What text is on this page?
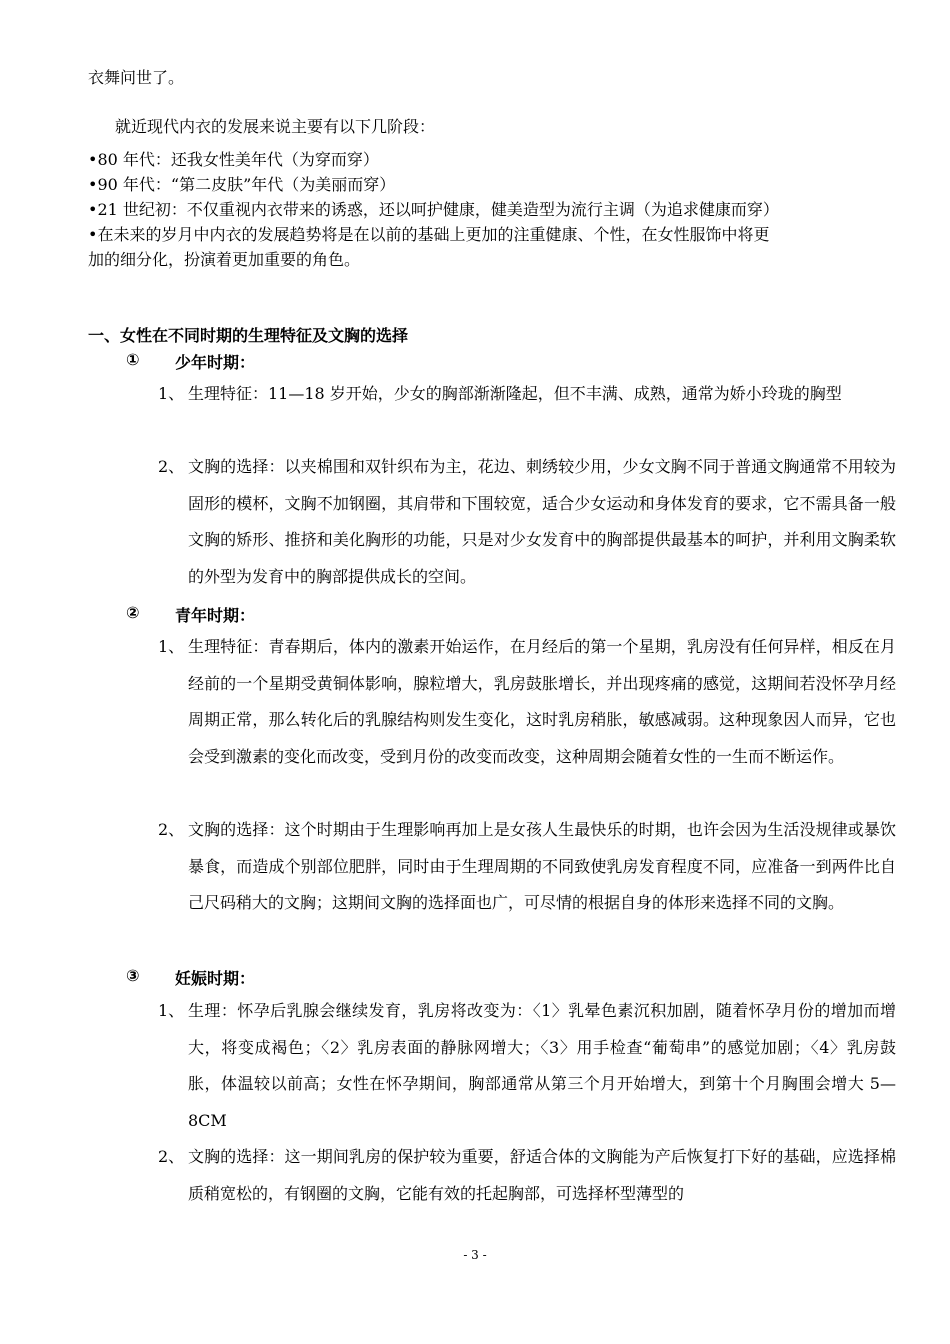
衣舞问世了。
就近现代内衣的发展来说主要有以下几阶段：
•80 年代：还我女性美年代（为穿而穿）
•90 年代：“第二皮肤”年代（为美丽而穿）
•21 世纪初：不仅重视内衣带来的诱惑，还以呵护健康，健美造型为流行主调（为追求健康而穿）
•在未来的岁月中内衣的发展趋势将是在以前的基础上更加的注重健康、个性，在女性服饰中将更
加的细分化，扮演着更加重要的角色。
一、女性在不同时期的生理特征及文胸的选择
① 少年时期：
1、 生理特征：11—18 岁开始，少女的胸部渐渐隆起，但不丰满、成熟，通常为娇小玲珑的胸型
2、 文胸的选择：以夹棉围和双针织布为主，花边、刺绣较少用，少女文胸不同于普通文胸通常不用较为固形的模杯，文胸不加钢圈，其肩带和下围较宽，适合少女运动和身体发育的要求，它不需具备一般文胸的矫形、推挤和美化胸形的功能，只是对少女发育中的胸部提供最基本的呵护，并利用文胸柔软的外型为发育中的胸部提供成长的空间。
② 青年时期：
1、 生理特征：青春期后，体内的激素开始运作，在月经后的第一个星期，乳房没有任何异样，相反在月经前的一个星期受黄铜体影响，腺粒增大，乳房鼓胀增长，并出现疼痛的感觉，这期间若没怀孕月经周期正常，那么转化后的乳腺结构则发生变化，这时乳房稍胀，敏感减弱。这种现象因人而异，它也会受到激素的变化而改变，受到月份的改变而改变，这种周期会随着女性的一生而不断运作。
2、 文胸的选择：这个时期由于生理影响再加上是女孩人生最快乐的时期，也许会因为生活没规律或暴饮暴食，而造成个别部位肥胖，同时由于生理周期的不同致使乳房发育程度不同，应准备一到两件比自己尺码稍大的文胸；这期间文胸的选择面也广，可尽情的根据自身的体形来选择不同的文胸。
③ 妊娠时期：
1、 生理：怀孕后乳腺会继续发育，乳房将改变为：〈1〉乳晕色素沉积加剧，随着怀孕月份的增加而增大，将变成褐色；〈2〉乳房表面的静脉网增大；〈3〉用手检查“葡萄串”的感觉加剧；〈4〉乳房鼓胀，体温较以前高；女性在怀孕期间，胸部通常从第三个月开始增大，到第十个月胸围会增大 5—8CM
2、 文胸的选择：这一期间乳房的保护较为重要，舒适合体的文胸能为产后恢复打下好的基础，应选择棉质稍宽松的，有钢圈的文胸，它能有效的托起胸部，可选择杯型薄型的
- 3 -
